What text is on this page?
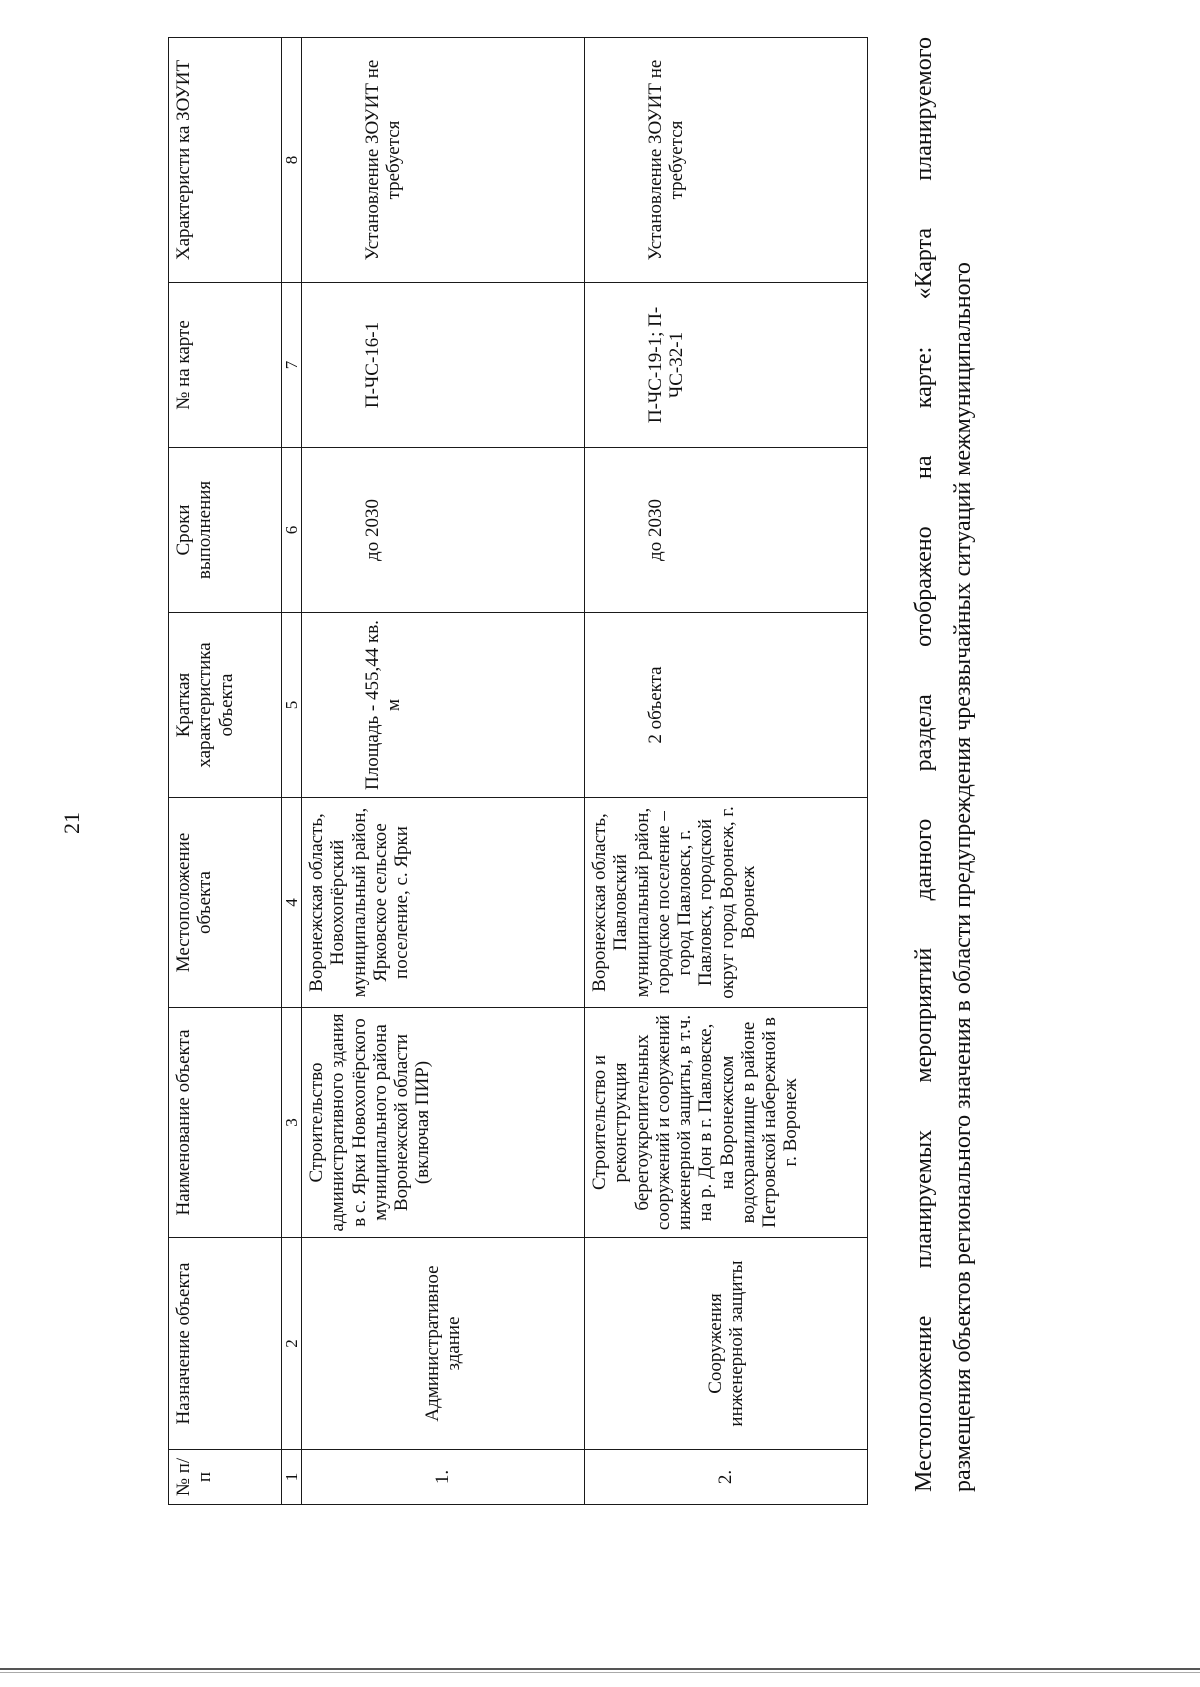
21
№ п/ п	Назначение объекта	Наименование объекта	Местоположение объекта	Краткая характеристика объекта	Сроки выполнения	№ на карте	Характеристи ка ЗОУИТ
1	2	3	4	5	6	7	8
1.	Административное здание	Строительство административного здания в с. Ярки Новохопёрского муниципального района Воронежской области (включая ПИР)	Воронежская область, Новохопёрский муниципальный район, Ярковское сельское поселение, с. Ярки	Площадь - 455,44 кв. м	до 2030	П-ЧС-16-1	Установление ЗОУИТ не требуется
2.	Сооружения инженерной защиты	Строительство и реконструкция берегоукрепительных сооружений и сооружений инженерной защиты, в т.ч. на р. Дон в г. Павловске, на Воронежском водохранилище в районе Петровской набережной в г. Воронеж	Воронежская область, Павловский муниципальный район, городское поселение – город Павловск, г. Павловск, городской округ город Воронеж, г. Воронеж	2 объекта	до 2030	П-ЧС-19-1; П-ЧС-32-1	Установление ЗОУИТ не требуется	Местоположение планируемых мероприятий данного раздела отображено на карте: «Карта планируемого размещения объектов регионального значения в области предупреждения чрезвычайных ситуаций межмуниципального
